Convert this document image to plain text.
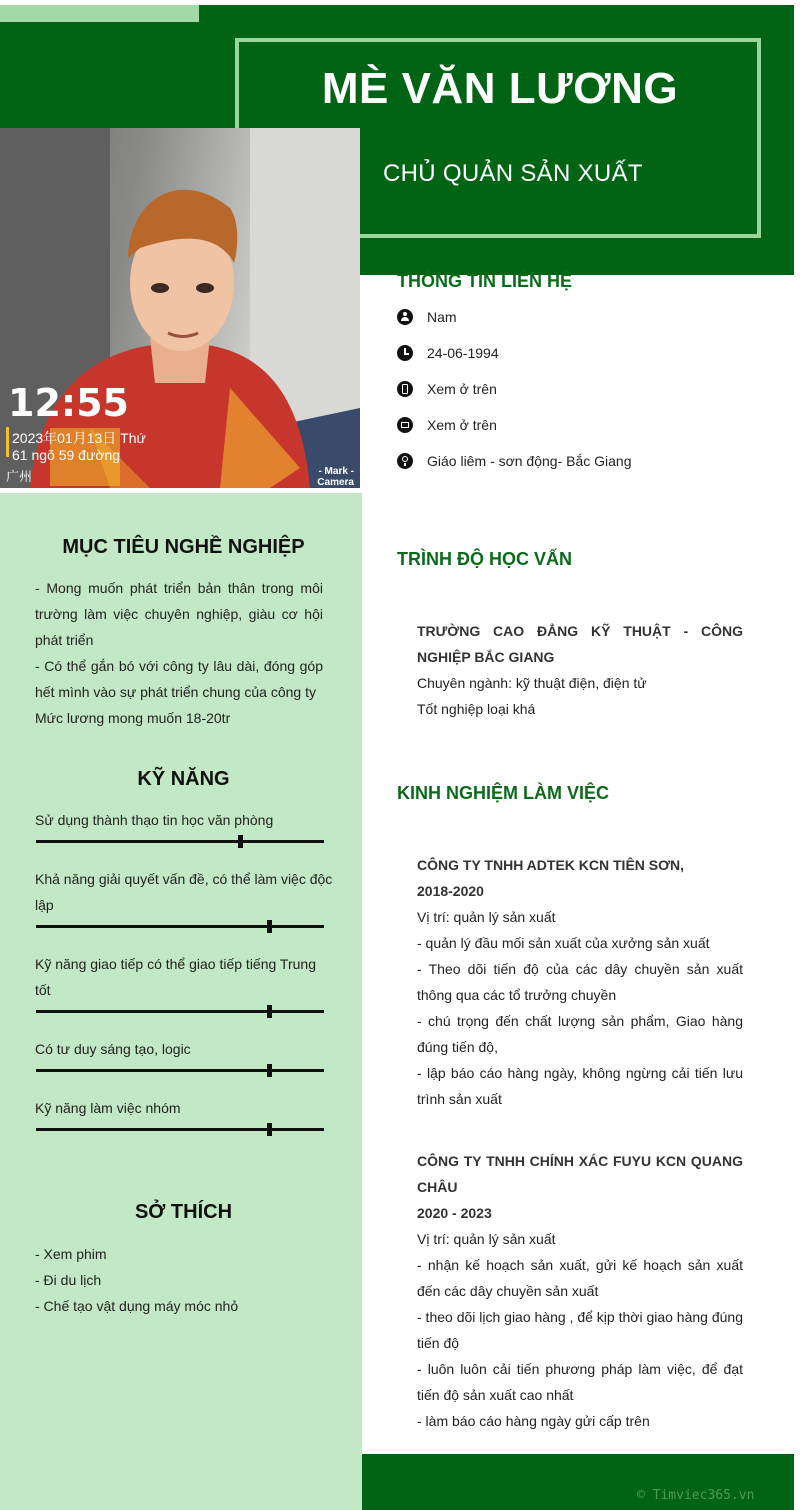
MÈ VĂN LƯƠNG
CHỦ QUẢN SẢN XUẤT
12:55
2023年01月13日 Thứ
61 ngõ 59 đường
广州	- Mark -
Camera
THÔNG TIN LIÊN HỆ
Nam
24-06-1994
Xem ở trên
Xem ở trên
Giáo liêm - sơn động- Bắc Giang
MỤC TIÊU NGHỀ NGHIỆP
- Mong muốn phát triển bản thân trong môi trường làm việc chuyên nghiệp, giàu cơ hội phát triển
- Có thể gắn bó với công ty lâu dài, đóng góp hết mình vào sự phát triển chung của công ty
Mức lương mong muốn 18-20tr
KỸ NĂNG
Sử dụng thành thạo tin học văn phòng
Khả năng giải quyết vấn đề, có thể làm việc độc lập
Kỹ năng giao tiếp có thể giao tiếp tiếng Trung tốt
Có tư duy sáng tạo, logic
Kỹ năng làm việc nhóm
SỞ THÍCH
- Xem phim
- Đi du lịch
- Chế tạo vật dụng máy móc nhỏ
TRÌNH ĐỘ HỌC VẤN
TRƯỜNG CAO ĐẲNG KỸ THUẬT - CÔNG NGHIỆP BẮC GIANG
Chuyên ngành: kỹ thuật điện, điện tử
Tốt nghiệp loại khá
KINH NGHIỆM LÀM VIỆC
CÔNG TY TNHH ADTEK KCN TIÊN SƠN,
2018-2020
Vị trí: quản lý sản xuất
- quản lý đầu mối sản xuất của xưởng sản xuất
- Theo dõi tiến độ của các dây chuyền sản xuất thông qua các tổ trưởng chuyền
- chú trọng đến chất lượng sản phẩm, Giao hàng đúng tiến độ,
- lập báo cáo hàng ngày, không ngừng cải tiến lưu trình sản xuất
CÔNG TY TNHH CHÍNH XÁC FUYU KCN QUANG CHÂU
2020 - 2023
Vị trí: quản lý sản xuất
- nhận kế hoạch sản xuất, gửi kế hoạch sản xuất đến các dây chuyền sản xuất
- theo dõi lịch giao hàng , để kịp thời giao hàng đúng tiến độ
- luôn luôn cải tiến phương pháp làm việc, để đạt tiến độ sản xuất cao nhất
- làm báo cáo hàng ngày gửi cấp trên
© Timviec365.vn
